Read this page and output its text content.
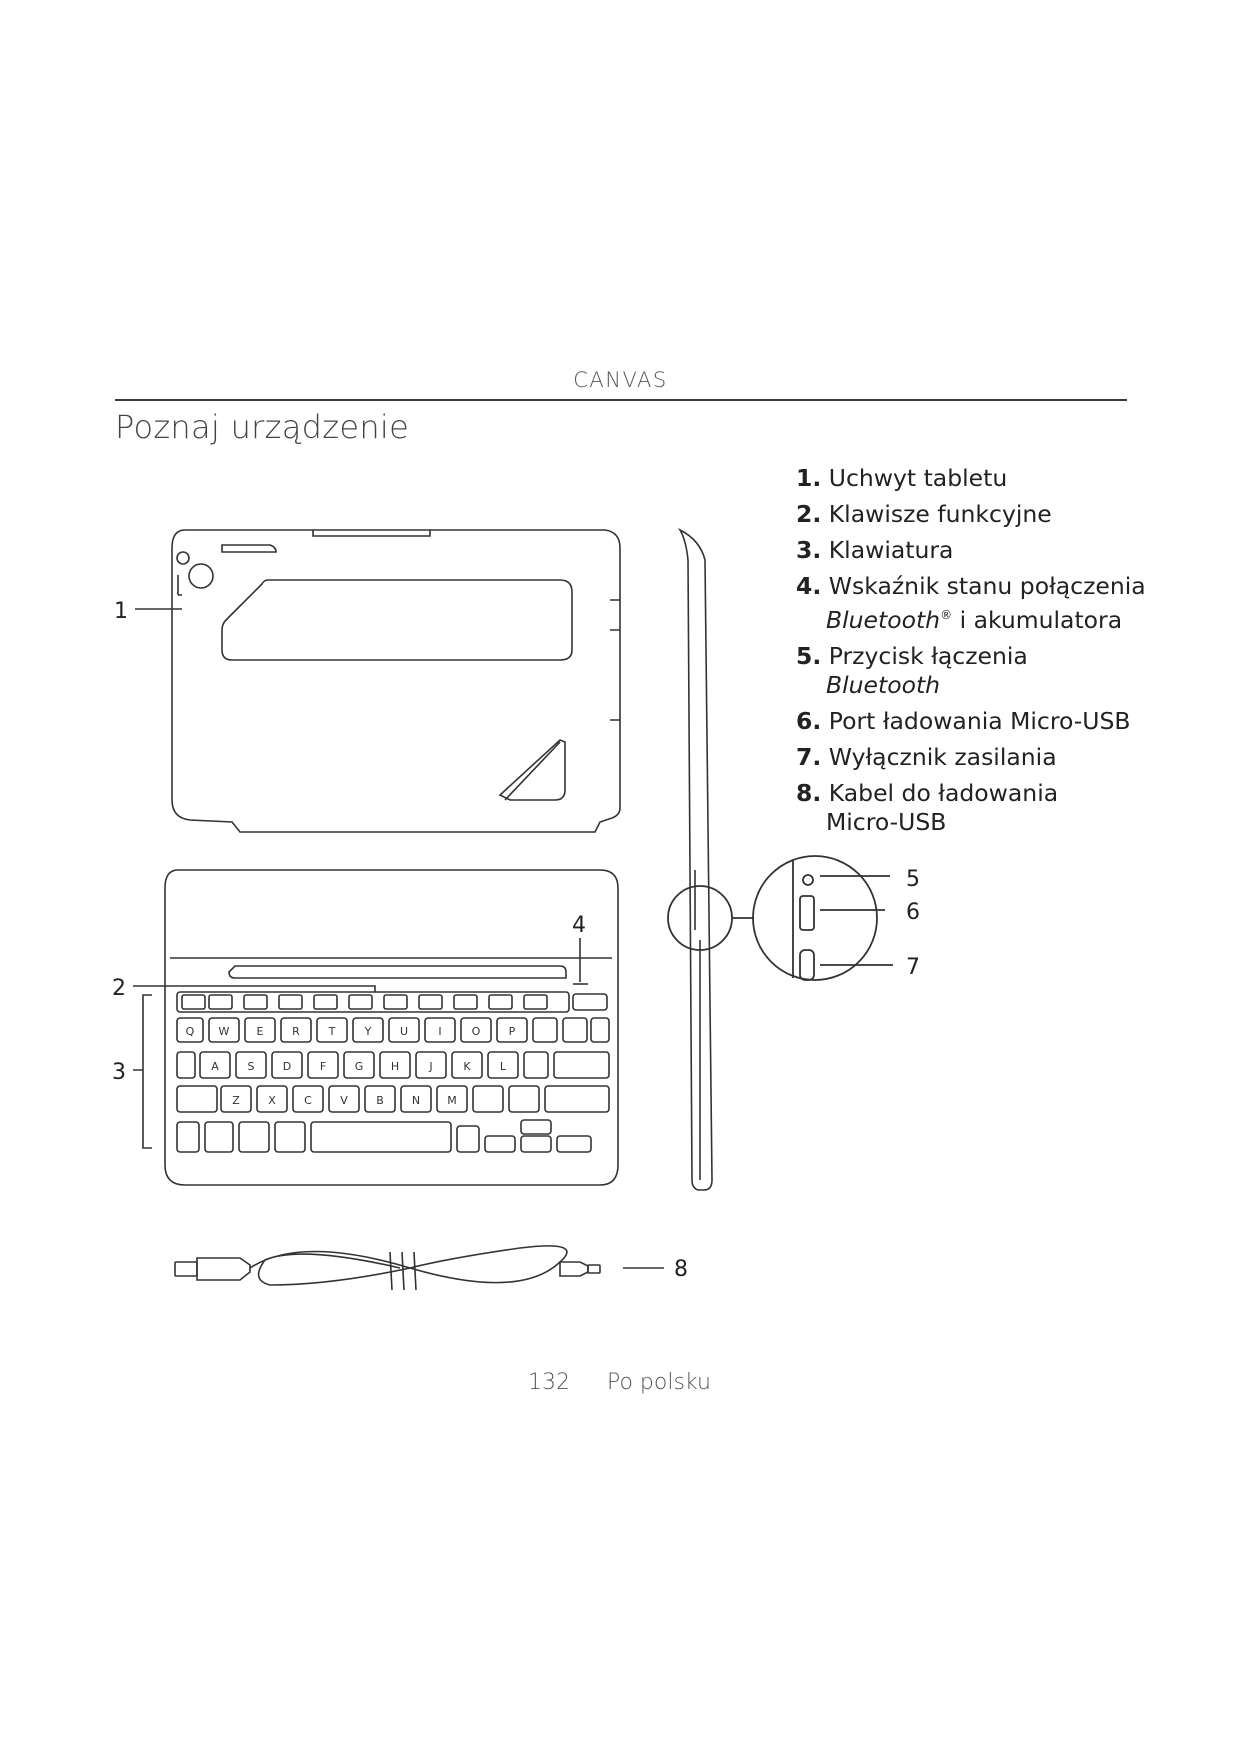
CANVAS
Poznaj urządzenie
1. Uchwyt tabletu
2. Klawisze funkcyjne
3. Klawiatura
4. Wskaźnik stanu połączenia
Bluetooth® i akumulatora
5. Przycisk łączenia
Bluetooth
6. Port ładowania Micro-USB
7. Wyłącznik zasilania
8. Kabel do ładowania
Micro-USB
Q W E	R	T	Y	U	I	O	P
A	S	D	F	G	H	J	K	L
Z	X	C	V	B	N M
1
2
3
4
5
6
7
8
132 Po polsku
